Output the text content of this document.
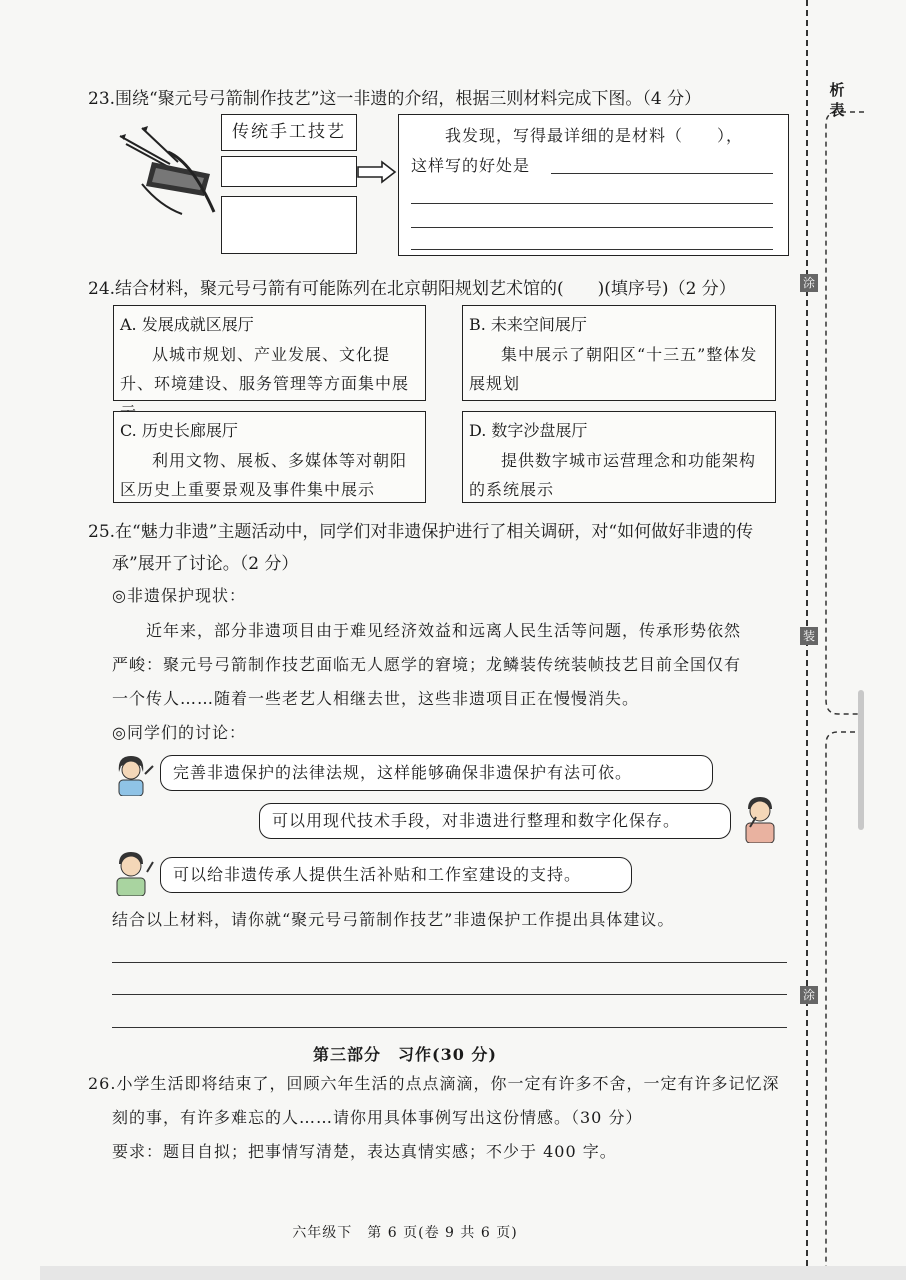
23.围绕“聚元号弓箭制作技艺”这一非遗的介绍，根据三则材料完成下图。（4 分）
传统手工技艺	我发现，写得最详细的是材料（　　），
这样写的好处是
24.结合材料，聚元号弓箭有可能陈列在北京朝阳规划艺术馆的(　　)(填序号)（2 分）
A. 发展成就区展厅
从城市规划、产业发展、文化提升、环境建设、服务管理等方面集中展
B. 未来空间展厅
集中展示了朝阳区“十三五”整体发展规划
C. 历史长廊展厅
利用文物、展板、多媒体等对朝阳区历史上重要景观及事件集中展示
D. 数字沙盘展厅
提供数字城市运营理念和功能架构的系统展示
25.在“魅力非遗”主题活动中，同学们对非遗保护进行了相关调研，对“如何做好非遗的传
承”展开了讨论。（2 分）
◎非遗保护现状：
近年来，部分非遗项目由于难见经济效益和远离人民生活等问题，传承形势依然
严峻：聚元号弓箭制作技艺面临无人愿学的窘境；龙鳞装传统装帧技艺目前全国仅有
一个传人……随着一些老艺人相继去世，这些非遗项目正在慢慢消失。
◎同学们的讨论：
完善非遗保护的法律法规，这样能够确保非遗保护有法可依。
可以用现代技术手段，对非遗进行整理和数字化保存。
可以给非遗传承人提供生活补贴和工作室建设的支持。
结合以上材料，请你就“聚元号弓箭制作技艺”非遗保护工作提出具体建议。
第三部分　习作(30 分)
26.小学生活即将结束了，回顾六年生活的点点滴滴，你一定有许多不舍，一定有许多记忆深
刻的事，有许多难忘的人……请你用具体事例写出这份情感。（30 分）
要求：题目自拟；把事情写清楚，表达真情实感；不少于 400 字。
六年级下　第 6 页(卷 9 共 6 页)
析表
涂
装
涂
